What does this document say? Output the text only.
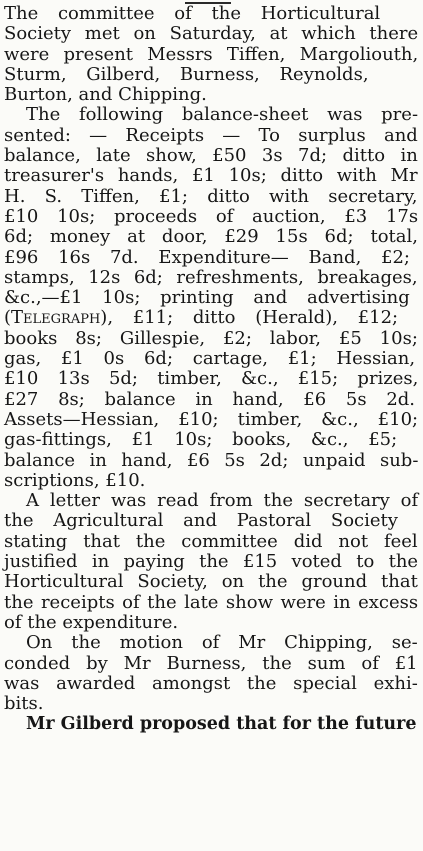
The committee of the Horticultural
Society met on Saturday, at which there
were present Messrs Tiffen, Margoliouth,
Sturm, Gilberd, Burness, Reynolds,
Burton, and Chipping.
The following balance-sheet was pre-
sented: — Receipts — To surplus and
balance, late show, £50 3s 7d; ditto in
treasurer's hands, £1 10s; ditto with Mr
H. S. Tiffen, £1; ditto with secretary,
£10 10s; proceeds of auction, £3 17s
6d; money at door, £29 15s 6d; total,
£96 16s 7d. Expenditure— Band, £2;
stamps, 12s 6d; refreshments, breakages,
&c.,—£1 10s; printing and advertising
(Telegraph), £11; ditto (Herald), £12;
books 8s; Gillespie, £2; labor, £5 10s;
gas, £1 0s 6d; cartage, £1; Hessian,
£10 13s 5d; timber, &c., £15; prizes,
£27 8s; balance in hand, £6 5s 2d.
Assets—Hessian, £10; timber, &c., £10;
gas-fittings, £1 10s; books, &c., £5;
balance in hand, £6 5s 2d; unpaid sub-
scriptions, £10.
A letter was read from the secretary of
the Agricultural and Pastoral Society
stating that the committee did not feel
justified in paying the £15 voted to the
Horticultural Society, on the ground that
the receipts of the late show were in excess
of the expenditure.
On the motion of Mr Chipping, se-
conded by Mr Burness, the sum of £1
was awarded amongst the special exhi-
bits.
Mr Gilberd proposed that for the future
